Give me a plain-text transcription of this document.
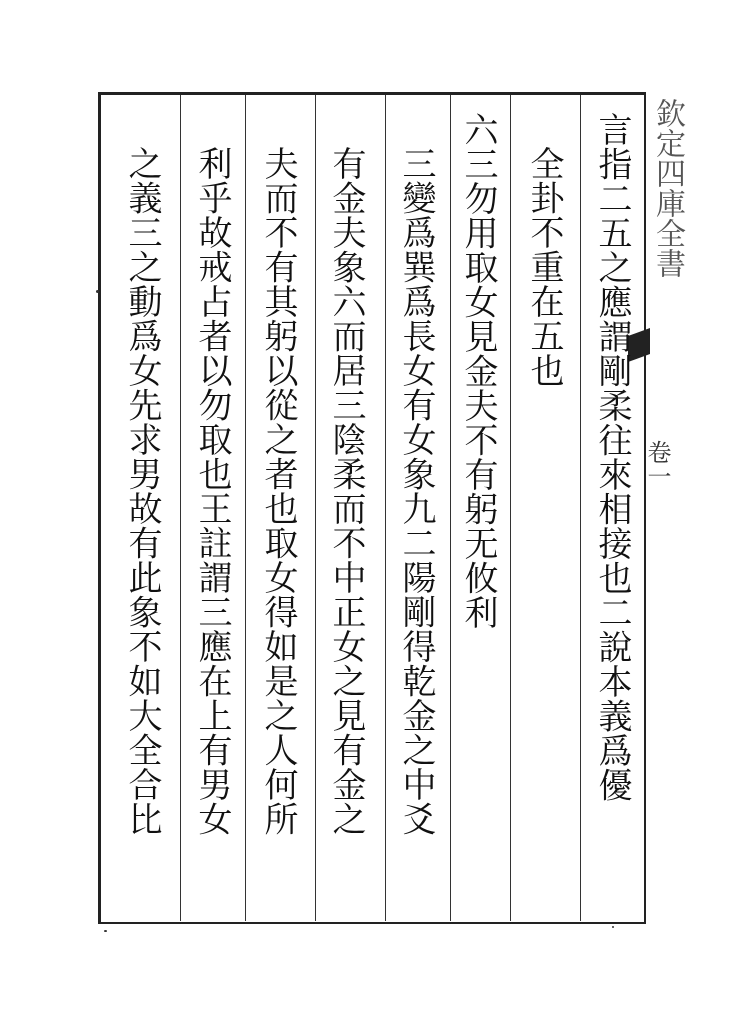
欽定四庫全書
卷一
言指二五之應謂剛柔往來相接也二說本義爲優
全卦不重在五也
六三勿用取女見金夫不有躬无攸利
三變爲巽爲長女有女象九二陽剛得乾金之中爻
有金夫象六而居三陰柔而不中正女之見有金之
夫而不有其躬以從之者也取女得如是之人何所
利乎故戒占者以勿取也王註謂三應在上有男女
之義三之動爲女先求男故有此象不如大全合比
